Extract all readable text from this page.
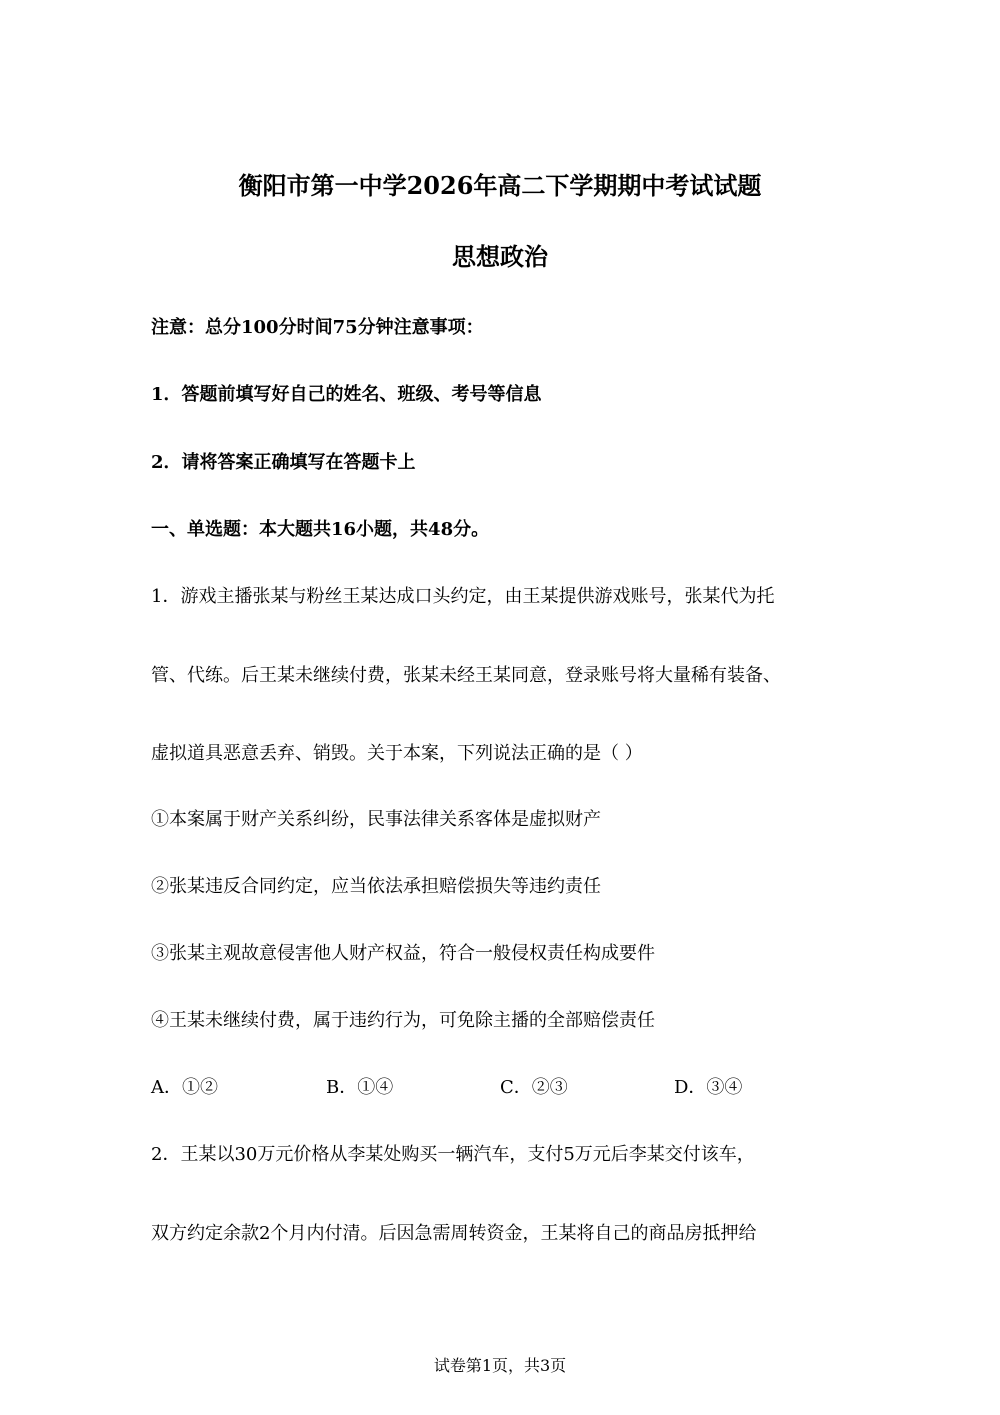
衡阳市第一中学2026年高二下学期期中考试试题
思想政治
注意：总分100分时间75分钟注意事项：
1．答题前填写好自己的姓名、班级、考号等信息
2．请将答案正确填写在答题卡上
一、单选题：本大题共16小题，共48分。
1．游戏主播张某与粉丝王某达成口头约定，由王某提供游戏账号，张某代为托
管、代练。后王某未继续付费，张某未经王某同意，登录账号将大量稀有装备、
虚拟道具恶意丢弃、销毁。关于本案，下列说法正确的是（ ）
①本案属于财产关系纠纷，民事法律关系客体是虚拟财产
②张某违反合同约定，应当依法承担赔偿损失等违约责任
③张某主观故意侵害他人财产权益，符合一般侵权责任构成要件
④王某未继续付费，属于违约行为，可免除主播的全部赔偿责任
A．①②	B．①④	C．②③	D．③④
2．王某以30万元价格从李某处购买一辆汽车，支付5万元后李某交付该车，
双方约定余款2个月内付清。后因急需周转资金，王某将自己的商品房抵押给
试卷第1页，共3页
